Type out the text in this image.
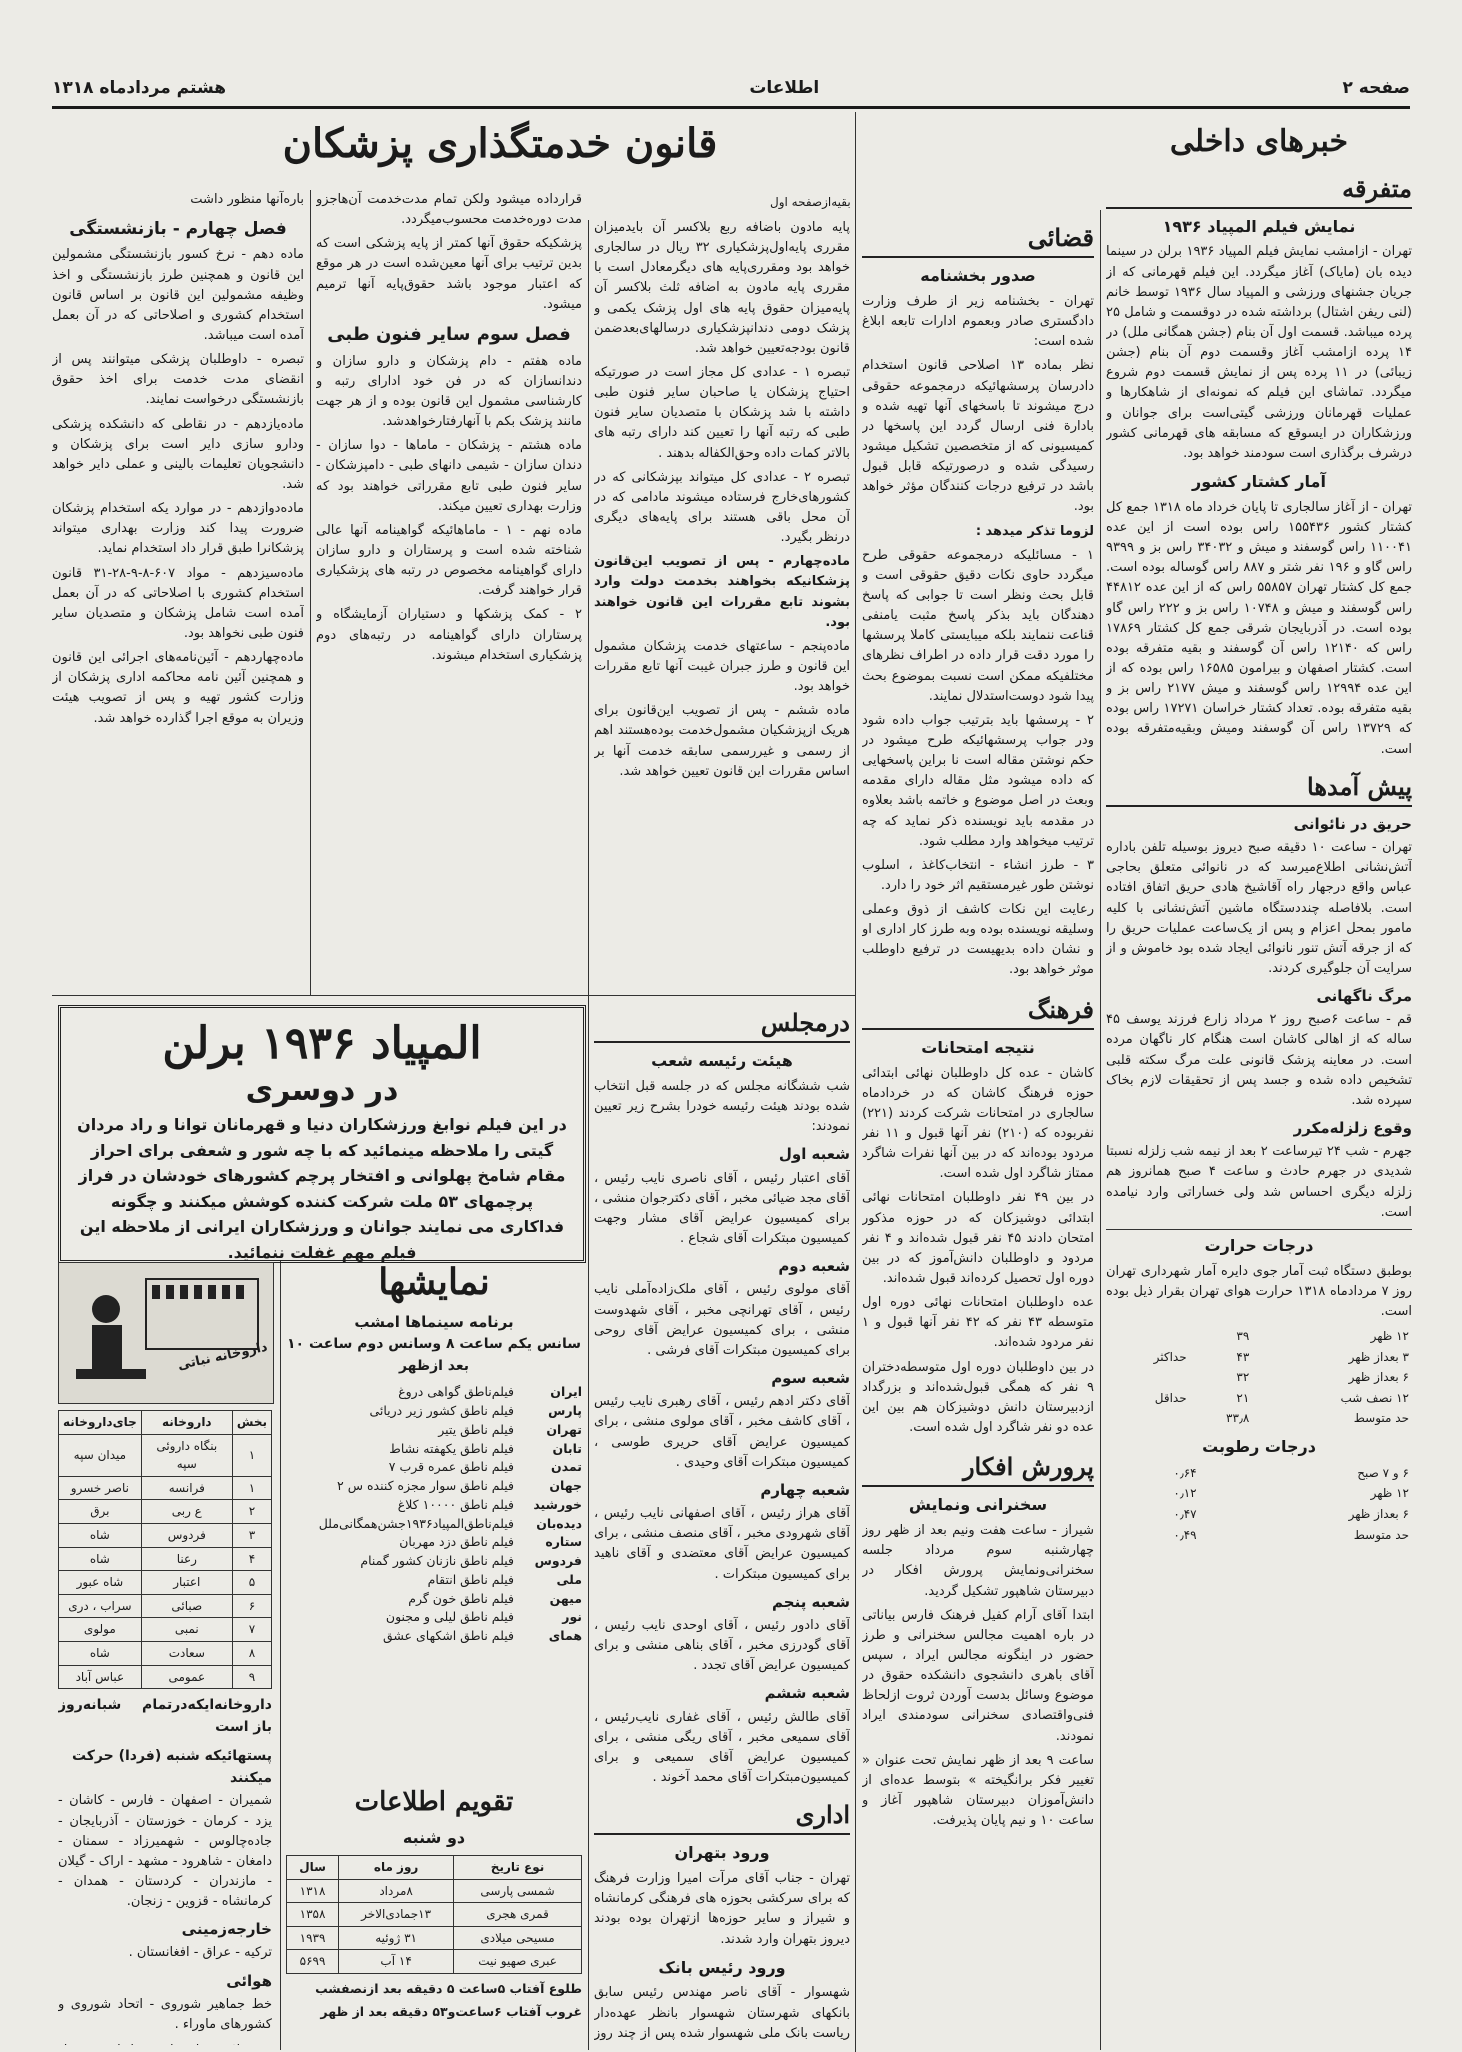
صفحه ۲
اطلاعات
هشتم مردادماه ۱۳۱۸
خبرهای داخلی
متفرقه
نمایش فیلم المپیاد ۱۹۳۶

تهران - ازامشب نمایش فیلم المپیاد ۱۹۳۶ برلن در سینما دیده بان (مایاک) آغاز میگردد. این فیلم قهرمانی که از جریان جشنهای ورزشی و المپیاد سال ۱۹۳۶ توسط خانم (لنی ریفن اشتال) برداشته شده در دوقسمت و شامل ۲۵ پرده میباشد. قسمت اول آن بنام (جشن همگانی ملل) در ۱۴ پرده ازامشب آغاز وقسمت دوم آن بنام (جشن زیبائی) در ۱۱ پرده پس از نمایش قسمت دوم شروع میگردد. تماشای این فیلم که نمونه‌ای از شاهکارها و عملیات قهرمانان ورزشی گیتی‌است برای جوانان و ورزشکاران در ایسوقع که مسابقه های قهرمانی کشور درشرف برگذاری است سودمند خواهد بود.

آمار کشتار کشور

تهران - از آغاز سالجاری تا پایان خرداد ماه ۱۳۱۸ جمع کل کشتار کشور ۱۵۵۴۳۶ راس بوده است از این عده ۱۱۰۰۴۱ راس گوسفند و میش و ۳۴۰۳۲ راس بز و ۹۳۹۹ راس گاو و ۱۹۶ نفر شتر و ۸۸۷ راس گوساله بوده است. جمع کل کشتار تهران ۵۵۸۵۷ راس که از این عده ۴۴۸۱۲ راس گوسفند و میش و ۱۰۷۴۸ راس بز و ۲۲۲ راس گاو بوده است. در آذربایجان شرقی جمع کل کشتار ۱۷۸۶۹ راس که ۱۲۱۴۰ راس آن گوسفند و بقیه متفرقه بوده است. کشتار اصفهان و بیرامون ۱۶۵۸۵ راس بوده که از این عده ۱۲۹۹۴ راس گوسفند و میش ۲۱۷۷ راس بز و بقیه متفرقه بوده. تعداد کشتار خراسان ۱۷۲۷۱ راس بوده که ۱۳۷۲۹ راس آن گوسفند ومیش وبقیه‌متفرقه بوده است.

پیش آمدها
حریق در نائوانی

تهران - ساعت ۱۰ دقیقه صبح دیروز بوسیله تلفن باداره آتش‌نشانی اطلاع‌میرسد که در نانوائی متعلق بحاجی عباس واقع درجهار راه آقاشیخ هادی حریق اتفاق افتاده است. بلافاصله چنددستگاه ماشین آتش‌نشانی با کلیه مامور بمحل اعزام و پس از یک‌ساعت عملیات حریق را که از جرقه آتش تنور نانوائی ایجاد شده بود خاموش و از سرایت آن جلوگیری کردند.

مرگ ناگهانی

قم - ساعت ۶صبح روز ۲ مرداد زارع فرزند یوسف ۴۵ ساله که از اهالی کاشان است هنگام کار ناگهان مرده است. در معاینه پزشک قانونی علت مرگ سکته قلبی تشخیص داده شده و جسد پس از تحقیقات لازم بخاک سپرده شد.

وقوع زلزله‌مکرر

جهرم - شب ۲۴ تیرساعت ۲ بعد از نیمه شب زلزله نسبتا شدیدی در جهرم حادث و ساعت ۴ صبح همانروز هم زلزله دیگری احساس شد ولی خساراتی وارد نیامده است.

درجات حرارت

بوطبق دستگاه ثبت آمار جوی دایره آمار شهرداری تهران روز ۷ مردادماه ۱۳۱۸ حرارت هوای تهران بقرار ذیل بوده است.

۱۲ ظهر	۳۹	
۳ بعداز ظهر	۴۳	حداکثر
۶ بعداز ظهر	۳۲	
۱۲ نصف شب	۲۱	حداقل
حد متوسط	۳۳٫۸	
درجات رطوبت
۶ و ۷ صبح	۰٫۶۴
۱۲ ظهر	۰٫۱۲
۶ بعداز ظهر	۰٫۴۷
حد متوسط	۰٫۴۹
قضائی
صدور بخشنامه

تهران - بخشنامه زیر از طرف وزارت دادگستری صادر وبعموم ادارات تابعه ابلاغ شده است:

نظر بماده ۱۳ اصلاحی قانون استخدام دادرسان پرسشهائیکه درمجموعه حقوقی درج میشوند تا باسخهای آنها تهیه شده و بادارة فنی ارسال گردد این پاسخها در کمیسیونی که از متخصصین تشکیل میشود رسیدگی شده و درصورتیکه قابل قبول باشد در ترفیع درجات کنندگان مؤثر خواهد بود.

لزوما تذکر میدهد :

۱ - مسائلیکه درمجموعه حقوقی طرح میگردد حاوی نکات دقیق حقوقی است و قابل بحث ونظر است تا جوابی که پاسخ دهندگان باید بذکر پاسخ مثبت یامنفی قناعت ننمایند بلکه میبایستی کاملا پرسشها را مورد دقت قرار داده در اطراف نظرهای مختلفیکه ممکن است نسبت بموضوع بحث پیدا شود دوست‌استدلال نمایند.

۲ - پرسشها باید بترتیب جواب داده شود ودر جواب پرسشهائیکه طرح میشود در حکم نوشتن مقاله است نا براین پاسخهایی که داده میشود مثل مقاله دارای مقدمه وبعث در اصل موضوع و خاتمه باشد بعلاوه در مقدمه باید نویسنده ذکر نماید که چه ترتیب میخواهد وارد مطلب شود.

۳ - طرز انشاء - انتخاب‌کاغذ ، اسلوب نوشتن طور غیرمستقیم اثر خود را دارد.

رعایت این نکات کاشف از ذوق وعملی وسلیقه نویسنده بوده وبه طرز کار اداری او و نشان داده بدیهیست در ترفیع داوطلب موثر خواهد بود.

فرهنگ
نتیجه امتحانات

کاشان - عده کل داوطلبان نهائی ابتدائی حوزه فرهنگ کاشان که در خردادماه سالجاری در امتحانات شرکت کردند (۲۲۱) نفربوده که (۲۱۰) نفر آنها قبول و ۱۱ نفر مردود بوده‌اند که در بین آنها نفرات شاگرد ممتاز شاگرد اول شده است.

در بین ۴۹ نفر داوطلبان امتحانات نهائی ابتدائی دوشیزکان که در حوزه مذکور امتحان دادند ۴۵ نفر قبول شده‌اند و ۴ نفر مردود و داوطلبان دانش‌آموز که در بین دوره اول تحصیل کرده‌اند قبول شده‌اند.

عده داوطلبان امتحانات نهائی دوره اول متوسطه ۴۳ نفر که ۴۲ نفر آنها قبول و ۱ نفر مردود شده‌اند.

در بین داوطلبان دوره اول متوسطه‌دختران ۹ نفر که همگی قبول‌شده‌اند و بزرگداد ازدبیرستان دانش دوشیزکان هم بین این عده دو نفر شاگرد اول شده است.

پرورش افکار
سخنرانی ونمایش

شیراز - ساعت هفت ونیم بعد از ظهر روز چهارشنبه سوم مرداد جلسه سخنرانی‌ونمایش پرورش افکار در دبیرستان شاهپور تشکیل گردید.

ابتدا آقای آرام کفیل فرهنک فارس بیاناتی در باره اهمیت مجالس سخنرانی و طرز حضور در اینگونه مجالس ایراد ، سپس آقای باهری دانشجوی دانشکده حقوق در موضوع وسائل بدست آوردن ثروت ازلحاظ فنی‌واقتصادی سخنرانی سودمندی ایراد نمودند.

ساعت ۹ بعد از ظهر نمایش تحت عنوان « تغییر فکر برانگیخته » بتوسط عده‌ای از دانش‌آموزان دبیرستان شاهپور آغاز و ساعت ۱۰ و نیم پایان پذیرفت.

قانون خدمتگذاری پزشکان
بقیه‌ازصفحه اول

پایه مادون باضافه ربع بلاکسر آن بایدمیزان مقرری پایه‌اول‌پزشکیاری ۳۲ ریال در سالجاری خواهد بود ومقرری‌پایه های دیگرمعادل است با مقرری پایه مادون به اضافه ثلث بلاکسر آن پایه‌میزان حقوق پایه های اول پزشک یکمی و پزشک دومی دندانپزشکیاری درسالهای‌بعدضمن قانون بودجه‌تعیین خواهد شد.

تبصره ۱ - عدادی کل مجاز است در صورتیکه احتیاج پزشکان یا صاحبان سایر فنون طبی داشته با شد پزشکان با متصدیان سایر فنون طبی که رتبه آنها را تعیین کند دارای رتبه های بالاتر کمات داده وحق‌الکفاله بدهند .

تبصره ۲ - عدادی کل میتواند بپزشکانی که در کشورهای‌خارج فرستاده میشوند مادامی که در آن محل باقی هستند برای پایه‌های دیگری درنظر بگیرد.

ماده‌چهارم - پس از تصویب این‌قانون پزشکانیکه بخواهند بخدمت دولت وارد بشوند تابع مقررات این قانون خواهند بود.

ماده‌پنجم - ساعتهای خدمت پزشکان مشمول این قانون و طرز جبران غیبت آنها تابع مقررات خواهد بود.

ماده ششم - پس از تصویب این‌قانون برای هریک ازپزشکیان مشمول‌خدمت بوده‌هستند اهم از رسمی و غیررسمی سابقه خدمت آنها بر اساس مقررات این قانون تعیین خواهد شد.

قرارداده میشود ولکن تمام مدت‌خدمت آن‌ها‌جزو مدت دوره‌خدمت محسوب‌میگردد.

پزشکیکه حقوق آنها کمتر از پایه پزشکی است که بدین ترتیب برای آنها معین‌شده است در هر موقع که اعتبار موجود باشد حقوق‌پایه آنها ترمیم میشود.

فصل سوم سایر فنون طبی

ماده هفتم - دام پزشکان و دارو سازان و دندانسازان که در فن خود ادارای رتبه و کارشناسی مشمول این قانون بوده و از هر جهت مانند پزشک بکم با آنهارفتارخواهدشد.

ماده هشتم - پزشکان - ماماها - دوا سازان - دندان سازان - شیمی دانهای طبی - دامپزشکان - سایر فنون طبی تابع مقرراتی خواهند بود که وزارت بهداری تعیین میکند.

ماده نهم - ۱ - ماماهائیکه گواهینامه آنها عالی شناخته شده است و پرستاران و دارو سازان دارای گواهینامه مخصوص در رتبه های پزشکیاری قرار خواهند گرفت.

۲ - کمک پزشکها و دستیاران آزمایشگاه و پرستاران دارای گواهینامه در رتبه‌های دوم پزشکیاری استخدام میشوند.

باره‌آنها منظور داشت

فصل چهارم - بازنشستگی

ماده دهم - نرخ کسور بازنشستگی مشمولین این قانون و همچنین طرز بازنشستگی و اخذ وظیفه مشمولین این قانون بر اساس قانون استخدام کشوری و اصلاحاتی که در آن بعمل آمده است میباشد.

تبصره - داوطلبان پزشکی میتوانند پس از انقضای مدت خدمت برای اخذ حقوق بازنشستگی درخواست نمایند.

ماده‌یازدهم - در نقاطی که دانشکده پزشکی ودارو سازی دایر است برای پزشکان و دانشجویان تعلیمات بالینی و عملی دایر خواهد شد.

ماده‌دوازدهم - در موارد یکه استخدام پزشکان ضرورت پیدا کند وزارت بهداری میتواند پزشکانرا طبق قرار داد استخدام نماید.

ماده‌سیزدهم - مواد ۶۰۷-۸-۹-۲۸-۳۱ قانون استخدام کشوری با اصلاحاتی که در آن بعمل آمده است شامل پزشکان و متصدیان سایر فنون طبی نخواهد بود.

ماده‌چهاردهم - آئین‌نامه‌های اجرائی این قانون و همچنین آئین نامه محاکمه اداری پزشکان از وزارت کشور تهیه و پس از تصویب هیئت وزیران به موقع اجرا گذارده خواهد شد.

درمجلس
هیئت رئیسه شعب

شب ششگانه مجلس که در جلسه قبل انتخاب شده بودند هیئت رئیسه خودرا بشرح زیر تعیین نمودند:

شعبه اول

آقای اعتبار رئیس ، آقای ناصری نایب رئیس ، آقای مجد ضیائی مخبر ، آقای دکترجوان منشی ، برای کمیسیون عرایض آقای مشار وجهت کمیسیون مبتکرات آقای شجاع .

شعبه دوم

آقای مولوی رئیس ، آقای ملک‌زاده‌آملی نایب رئیس ، آقای تهرانچی مخبر ، آقای شهدوست منشی ، برای کمیسیون عرایض آقای روحی برای کمیسیون مبتکرات آقای فرشی .

شعبه سوم

آقای دکتر ادهم رئیس ، آقای رهبری نایب رئیس ، آقای کاشف مخبر ، آقای مولوی منشی ، برای کمیسیون عرایض آقای حریری طوسی ، کمیسیون مبتکرات آقای وحیدی .

شعبه چهارم

آقای هراز رئیس ، آقای اصفهانی نایب رئیس ، آقای شهرودی مخبر ، آقای منصف منشی ، برای کمیسیون عرایض آقای معتضدی و آقای ناهید برای کمیسیون مبتکرات .

شعبه پنجم

آقای دادور رئیس ، آقای اوحدی نایب رئیس ، آقای گودرزی مخبر ، آقای بناهی منشی و برای کمیسیون عرایض آقای تجدد .

شعبه ششم

آقای طالش رئیس ، آقای غفاری نایب‌رئیس ، آقای سمیعی مخبر ، آقای ریگی منشی ، برای کمیسیون عرایض آقای سمیعی‌ و برای کمیسیون‌مبتکرات آقای محمد آخوند .

اداری
ورود بتهران

تهران - جناب آقای مرآت امیرا وزارت فرهنگ که برای سرکشی بحوزه های فرهنگی کرمانشاه و شیراز و سایر حوزه‌ها ازتهران بوده بودند دیروز بتهران وارد شدند.

ورود رئیس بانک

شهسوار - آقای ناصر مهندس رئیس سابق بانکهای شهرستان شهسوار بانظر عهده‌دار ریاست بانک ملی شهسوار شده پس از چند روز

المپیاد ۱۹۳۶ برلن
در دوسری
در این فیلم نوابغ ورزشکاران دنیا و قهرمانان توانا و راد مردان گیتی را ملاحظه مینمائید که با چه شور و شعفی برای احراز مقام شامخ پهلوانی و افتخار پرچم کشورهای خودشان در فراز پرچمهای ۵۳ ملت شرکت کننده کوشش میکنند و چگونه فداکاری می نمایند جوانان و ورزشکاران ایرانی از ملاحظه این فیلم مهم غفلت ننمائید.
نمایشها
برنامه سینماها امشب
سانس یکم ساعت ۸ وسانس دوم ساعت ۱۰ بعد ازظهر
ایران
فیلم‌ناطق گواهی دروغ
پارس
فیلم ناطق کشور زیر دریائی
تهران
فیلم ناطق یتیر
تابان
فیلم ناطق یکهفته نشاط
تمدن
فیلم ناطق عمره قرب ۷
جهان
فیلم ناطق سوار مجزه کننده س ۲
خورشید
فیلم ناطق ۱۰۰۰۰ کلاغ
دیده‌بان
فیلم‌ناطق‌المپیاد۱۹۳۶جشن‌همگانی‌ملل
ستاره
فیلم ناطق دزد مهربان
فردوس
فیلم ناطق نازنان کشور گمنام
ملی
فیلم ناطق انتقام
میهن
فیلم ناطق خون گرم
نور
فیلم ناطق لیلی و مجنون
همای
فیلم ناطق اشکهای عشق
تقویم اطلاعات
دو شنبه
نوع تاریخ	روز ماه	سال
شمسی پارسی	۸مرداد	۱۳۱۸
قمری هجری	۱۳جمادی‌الاخر	۱۳۵۸
مسیحی میلادی	۳۱ ژوئیه	۱۹۳۹
عبری صهیو نیت	۱۴ آب	۵۶۹۹

طلوع آفتاب ۵ساعت ۵ دقیقه بعد ازنصفشب

غروب آفتاب ۶ساعت‌و۵۳ دقیقه بعد از ظهر

داروخانه نباتی
بخش	داروخانه	جای‌داروخانه
۱	بنگاه داروئی سپه	میدان سپه
۱	فرانسه	ناصر خسرو
۲	ع ربی	برق
۳	فردوس	شاه
۴	رعنا	شاه
۵	اعتبار	شاه عبور
۶	صبائی	سراب ، دری
۷	نمبی	مولوی
۸	سعادت	شاه
۹	عمومی	عباس آباد

داروخانه‌ایکه‌درتمام شبانه‌روز باز است

پستهائیکه شنبه (فردا) حرکت میکنند

شمیران - اصفهان - فارس - کاشان - یزد - کرمان - خوزستان - آذربایجان - جاده‌چالوس - شهمیرزاد - سمنان - دامغان - شاهرود - مشهد - اراک - گیلان - مازندران - کردستان - همدان - کرمانشاه - قزوین - زنجان.

خارجه‌زمینی

ترکیه - عراق - افغانستان .

هوائی

خط جماهیر شوروی - اتحاد شوروی و کشورهای ماوراء .
